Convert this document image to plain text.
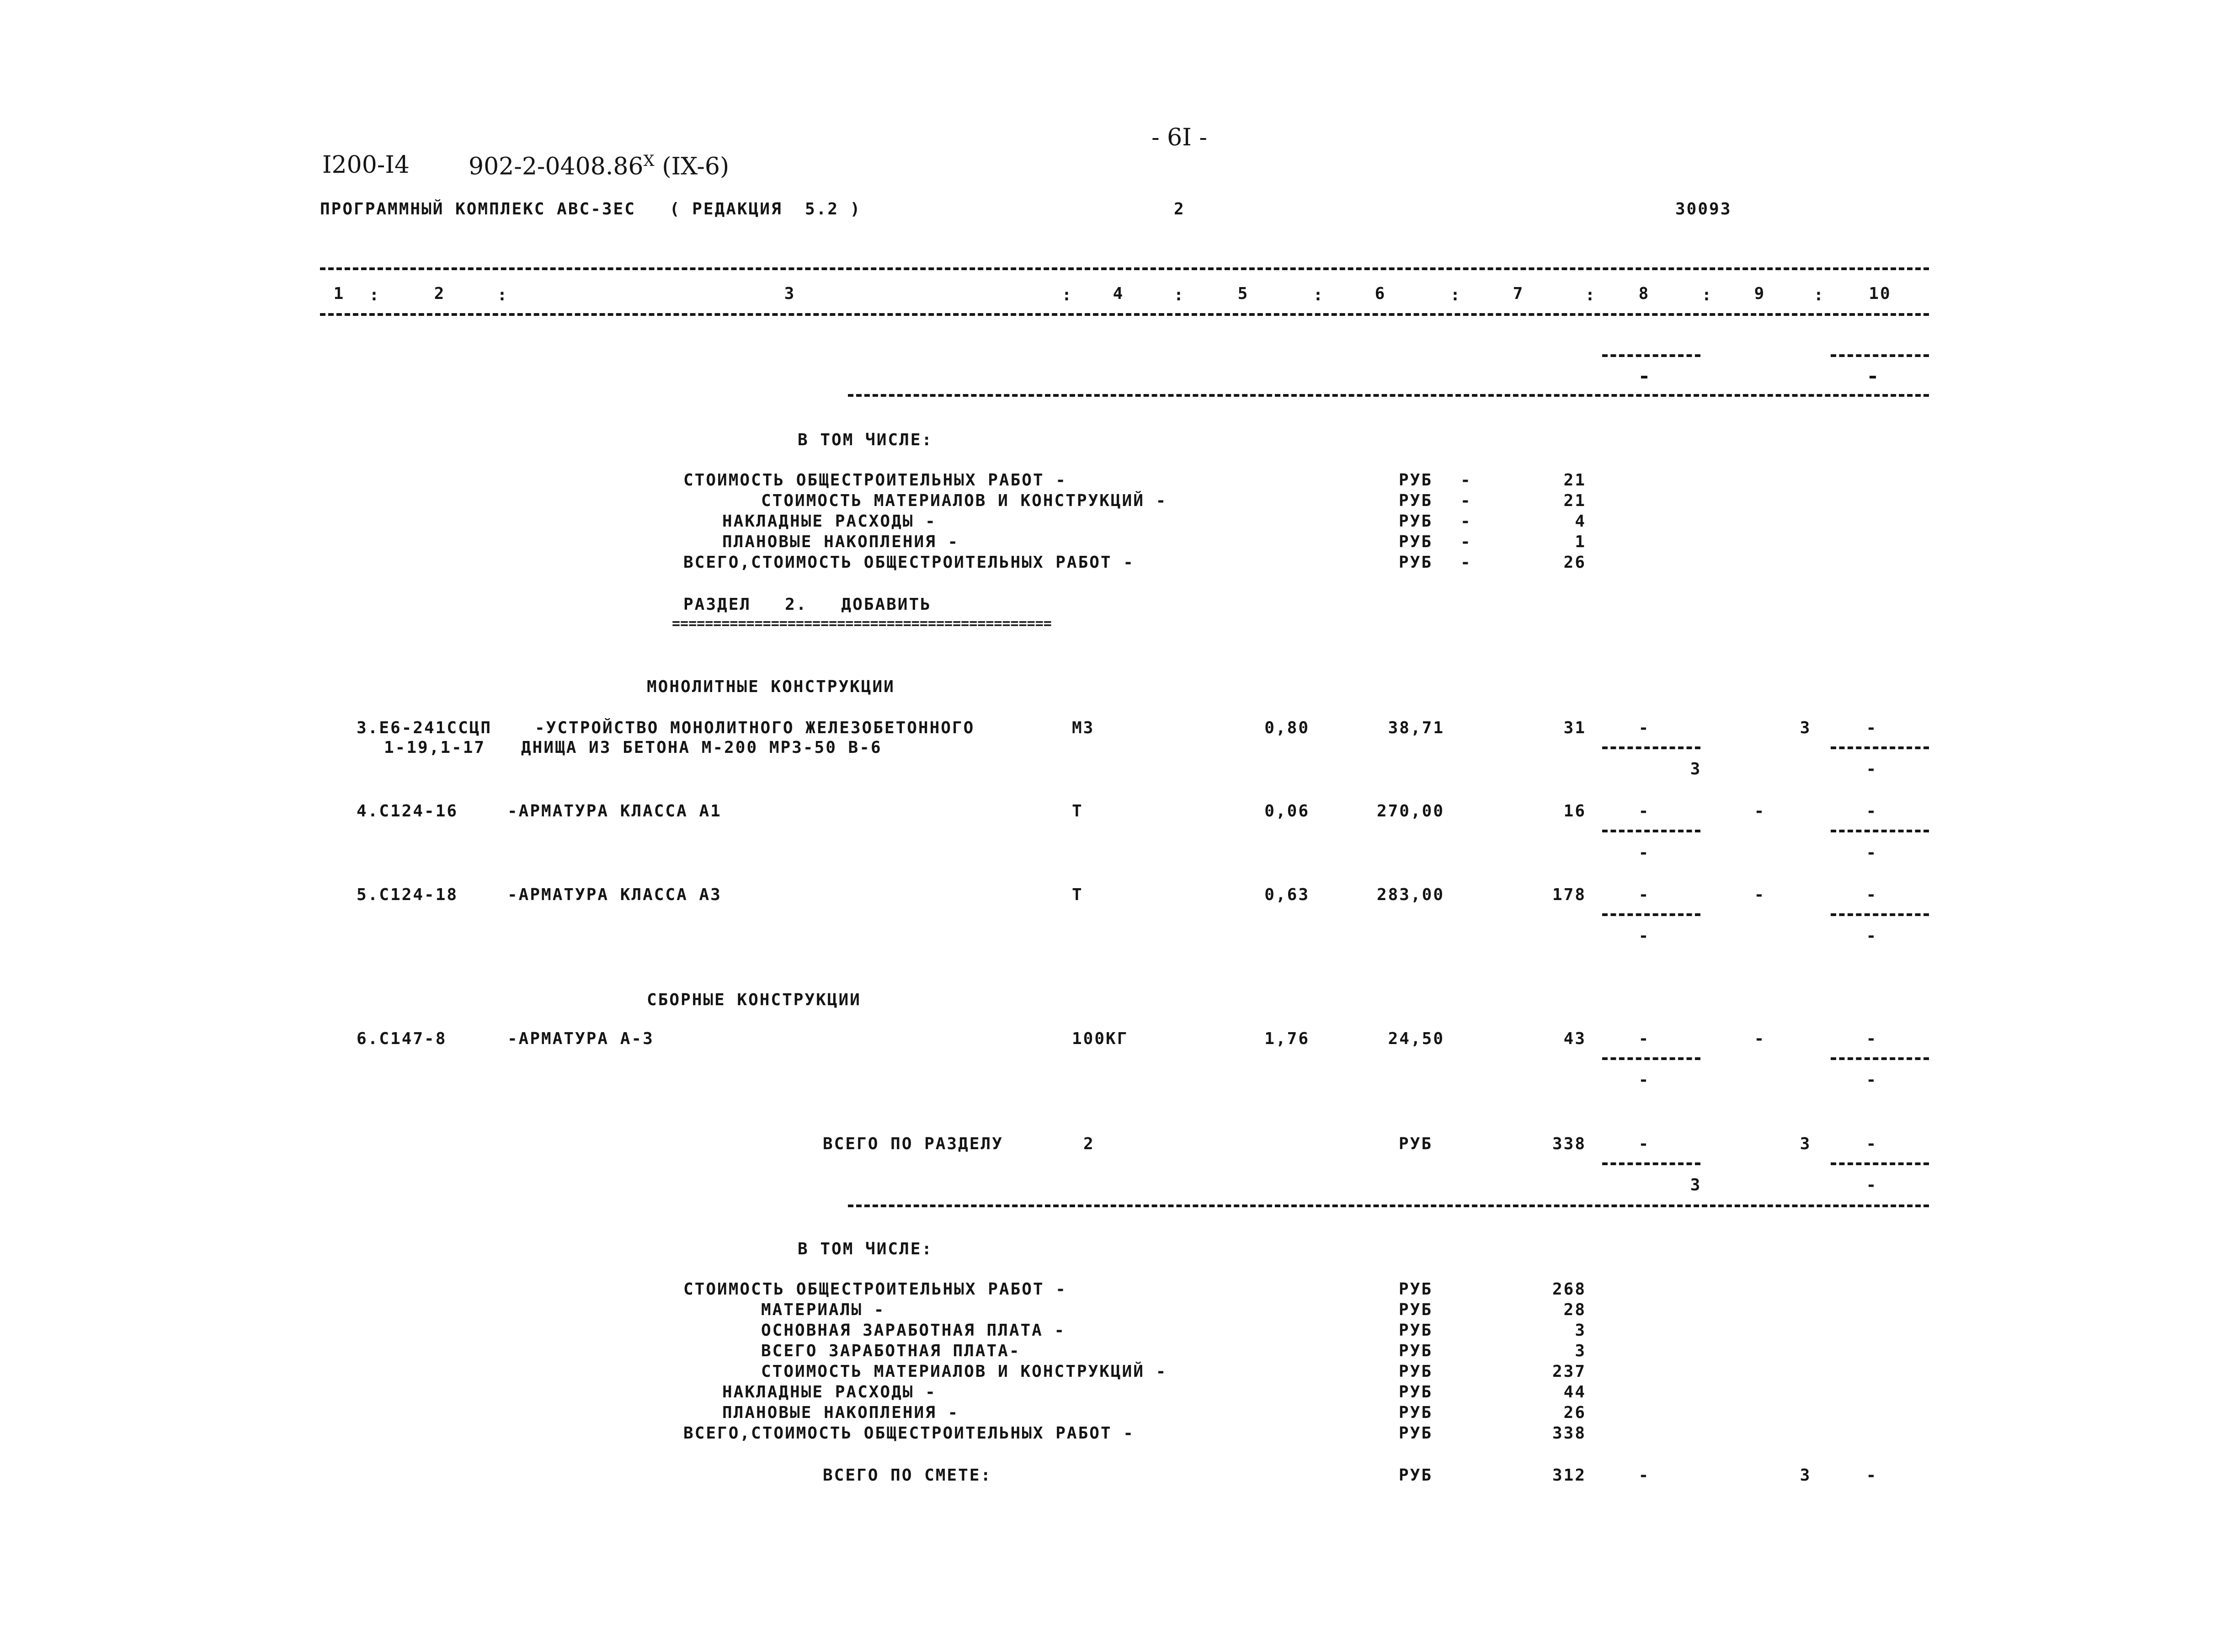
- 6I -
I200-I4 $902-2-0408.86^X$ (IX-6)
ПРОГРАММНЫЙ КОМПЛЕКС АВС-3ЕС   ( РЕДАКЦИЯ  5.2 )	2	30093
1	2	3	4	5	6	7	8	9	10
:	:	:	:	:	:	:	:	:
В ТОМ ЧИСЛЕ:
СТОИМОСТЬ ОБЩЕСТРОИТЕЛЬНЫХ РАБОТ -	РУБ -	21
СТОИМОСТЬ МАТЕРИАЛОВ И КОНСТРУКЦИЙ -	РУБ -	21
НАКЛАДНЫЕ РАСХОДЫ -	РУБ -	4
ПЛАНОВЫЕ НАКОПЛЕНИЯ -	РУБ -	1
ВСЕГО,СТОИМОСТЬ ОБЩЕСТРОИТЕЛЬНЫХ РАБОТ -	РУБ -	26
РАЗДЕЛ   2.   ДОБАВИТЬ
==============================================
МОНОЛИТНЫЕ КОНСТРУКЦИИ
3.Е6-241ССЦП	-УСТРОЙСТВО МОНОЛИТНОГО ЖЕЛЕЗОБЕТОННОГО
1-19,1-17 ДНИЩА ИЗ БЕТОНА М-200 МРЗ-50 В-6
М3	0,80	38,71	31	-	3	-
3	-
4.С124-16	-АРМАТУРА КЛАССА А1	Т	0,06	270,00	16	-	-	-
-	-
5.С124-18	-АРМАТУРА КЛАССА А3	Т	0,63	283,00	178	-	-	-
-	-
СБОРНЫЕ КОНСТРУКЦИИ
6.С147-8	-АРМАТУРА А-3	100КГ	1,76	24,50	43	-	-	-
-	-
ВСЕГО ПО РАЗДЕЛУ	2	РУБ	338	-	3	-
3	-
В ТОМ ЧИСЛЕ:
СТОИМОСТЬ ОБЩЕСТРОИТЕЛЬНЫХ РАБОТ -	РУБ	268
МАТЕРИАЛЫ -	РУБ	28
ОСНОВНАЯ ЗАРАБОТНАЯ ПЛАТА -	РУБ	3
ВСЕГО ЗАРАБОТНАЯ ПЛАТА-	РУБ	3
СТОИМОСТЬ МАТЕРИАЛОВ И КОНСТРУКЦИЙ -	РУБ	237
НАКЛАДНЫЕ РАСХОДЫ -	РУБ	44
ПЛАНОВЫЕ НАКОПЛЕНИЯ -	РУБ	26
ВСЕГО,СТОИМОСТЬ ОБЩЕСТРОИТЕЛЬНЫХ РАБОТ -	РУБ	338
ВСЕГО ПО СМЕТЕ:	РУБ	312	-	3	-
